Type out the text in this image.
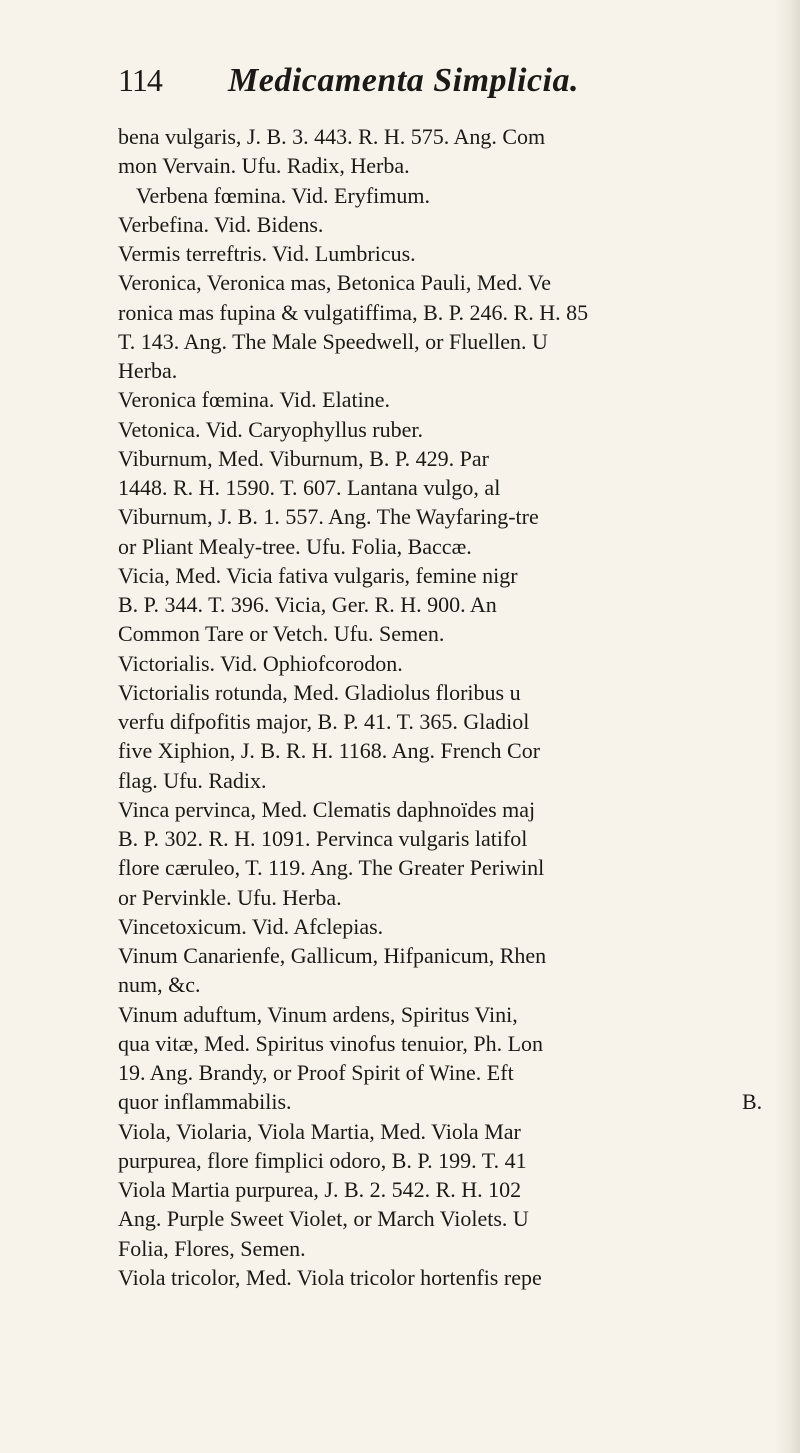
114 Medicamenta Simplicia.
bena vulgaris, J. B. 3. 443. R. H. 575. Ang. Com
mon Vervain. Ufu. Radix, Herba.
Verbena fœmina. Vid. Eryfimum.
Verbefina. Vid. Bidens.
Vermis terreftris. Vid. Lumbricus.
Veronica, Veronica mas, Betonica Pauli, Med. Ve
ronica mas fupina & vulgatiffima, B. P. 246. R. H. 85
T. 143. Ang. The Male Speedwell, or Fluellen. U
Herba.
Veronica fœmina. Vid. Elatine.
Vetonica. Vid. Caryophyllus ruber.
Viburnum, Med. Viburnum, B. P. 429. Par
1448. R. H. 1590. T. 607. Lantana vulgo, al
Viburnum, J. B. 1. 557. Ang. The Wayfaring-tre
or Pliant Mealy-tree. Ufu. Folia, Baccæ.
Vicia, Med. Vicia fativa vulgaris, femine nigr
B. P. 344. T. 396. Vicia, Ger. R. H. 900. An
Common Tare or Vetch. Ufu. Semen.
Victorialis. Vid. Ophiofcorodon.
Victorialis rotunda, Med. Gladiolus floribus u
verfu difpofitis major, B. P. 41. T. 365. Gladiol
five Xiphion, J. B. R. H. 1168. Ang. French Cor
flag. Ufu. Radix.
Vinca pervinca, Med. Clematis daphnoïdes maj
B. P. 302. R. H. 1091. Pervinca vulgaris latifol
flore cæruleo, T. 119. Ang. The Greater Periwinl
or Pervinkle. Ufu. Herba.
Vincetoxicum. Vid. Afclepias.
Vinum Canarienfe, Gallicum, Hifpanicum, Rhen
num, &c.
Vinum aduftum, Vinum ardens, Spiritus Vini,
qua vitæ, Med. Spiritus vinofus tenuior, Ph. Lon
19. Ang. Brandy, or Proof Spirit of Wine. Eft
quor inflammabilis.
Viola, Violaria, Viola Martia, Med. Viola Mar
purpurea, flore fimplici odoro, B. P. 199. T. 41
Viola Martia purpurea, J. B. 2. 542. R. H. 102
Ang. Purple Sweet Violet, or March Violets. U
Folia, Flores, Semen.
Viola tricolor, Med. Viola tricolor hortenfis repe
B.
